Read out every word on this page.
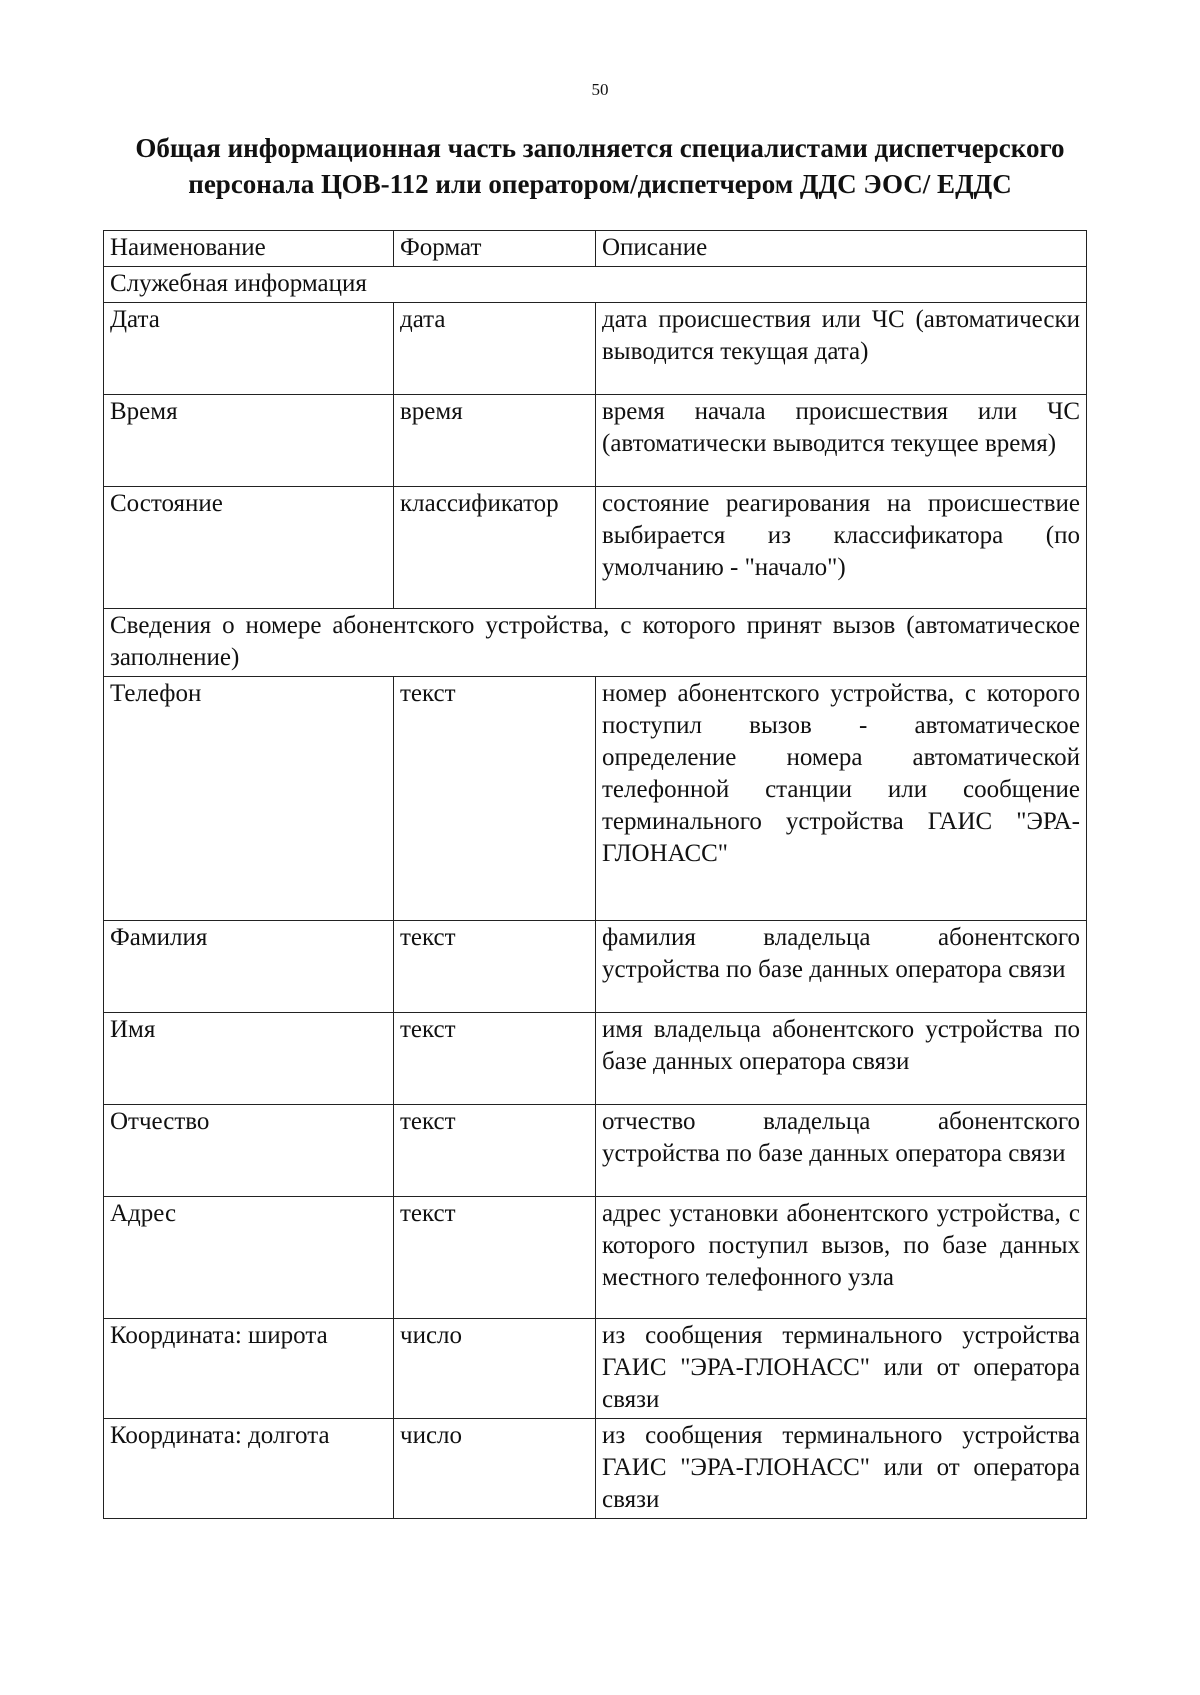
50
Общая информационная часть заполняется специалистами диспетчерского персонала ЦОВ-112 или оператором/диспетчером ДДС ЭОС/ ЕДДС
Наименование	Формат	Описание
Служебная информация		
Дата	дата	дата происшествия или ЧС (автоматически выводится текущая дата)
Время	время	время начала происшествия или ЧС (автоматически выводится текущее время)
Состояние	классификатор	состояние реагирования на происшествие выбирается из классификатора (по умолчанию - "начало")
Сведения о номере абонентского устройства, с которого принят вызов (автоматическое заполнение)		
Телефон	текст	номер абонентского устройства, с которого поступил вызов - автоматическое определение номера автоматической телефонной станции или сообщение терминального устройства ГАИС "ЭРА-ГЛОНАСС"
Фамилия	текст	фамилия владельца абонентского устройства по базе данных оператора связи
Имя	текст	имя владельца абонентского устройства по базе данных оператора связи
Отчество	текст	отчество владельца абонентского устройства по базе данных оператора связи
Адрес	текст	адрес установки абонентского устройства, с которого поступил вызов, по базе данных местного телефонного узла
Координата: широта	число	из сообщения терминального устройства ГАИС "ЭРА-ГЛОНАСС" или от оператора связи
Координата: долгота	число	из сообщения терминального устройства ГАИС "ЭРА-ГЛОНАСС" или от оператора связи
